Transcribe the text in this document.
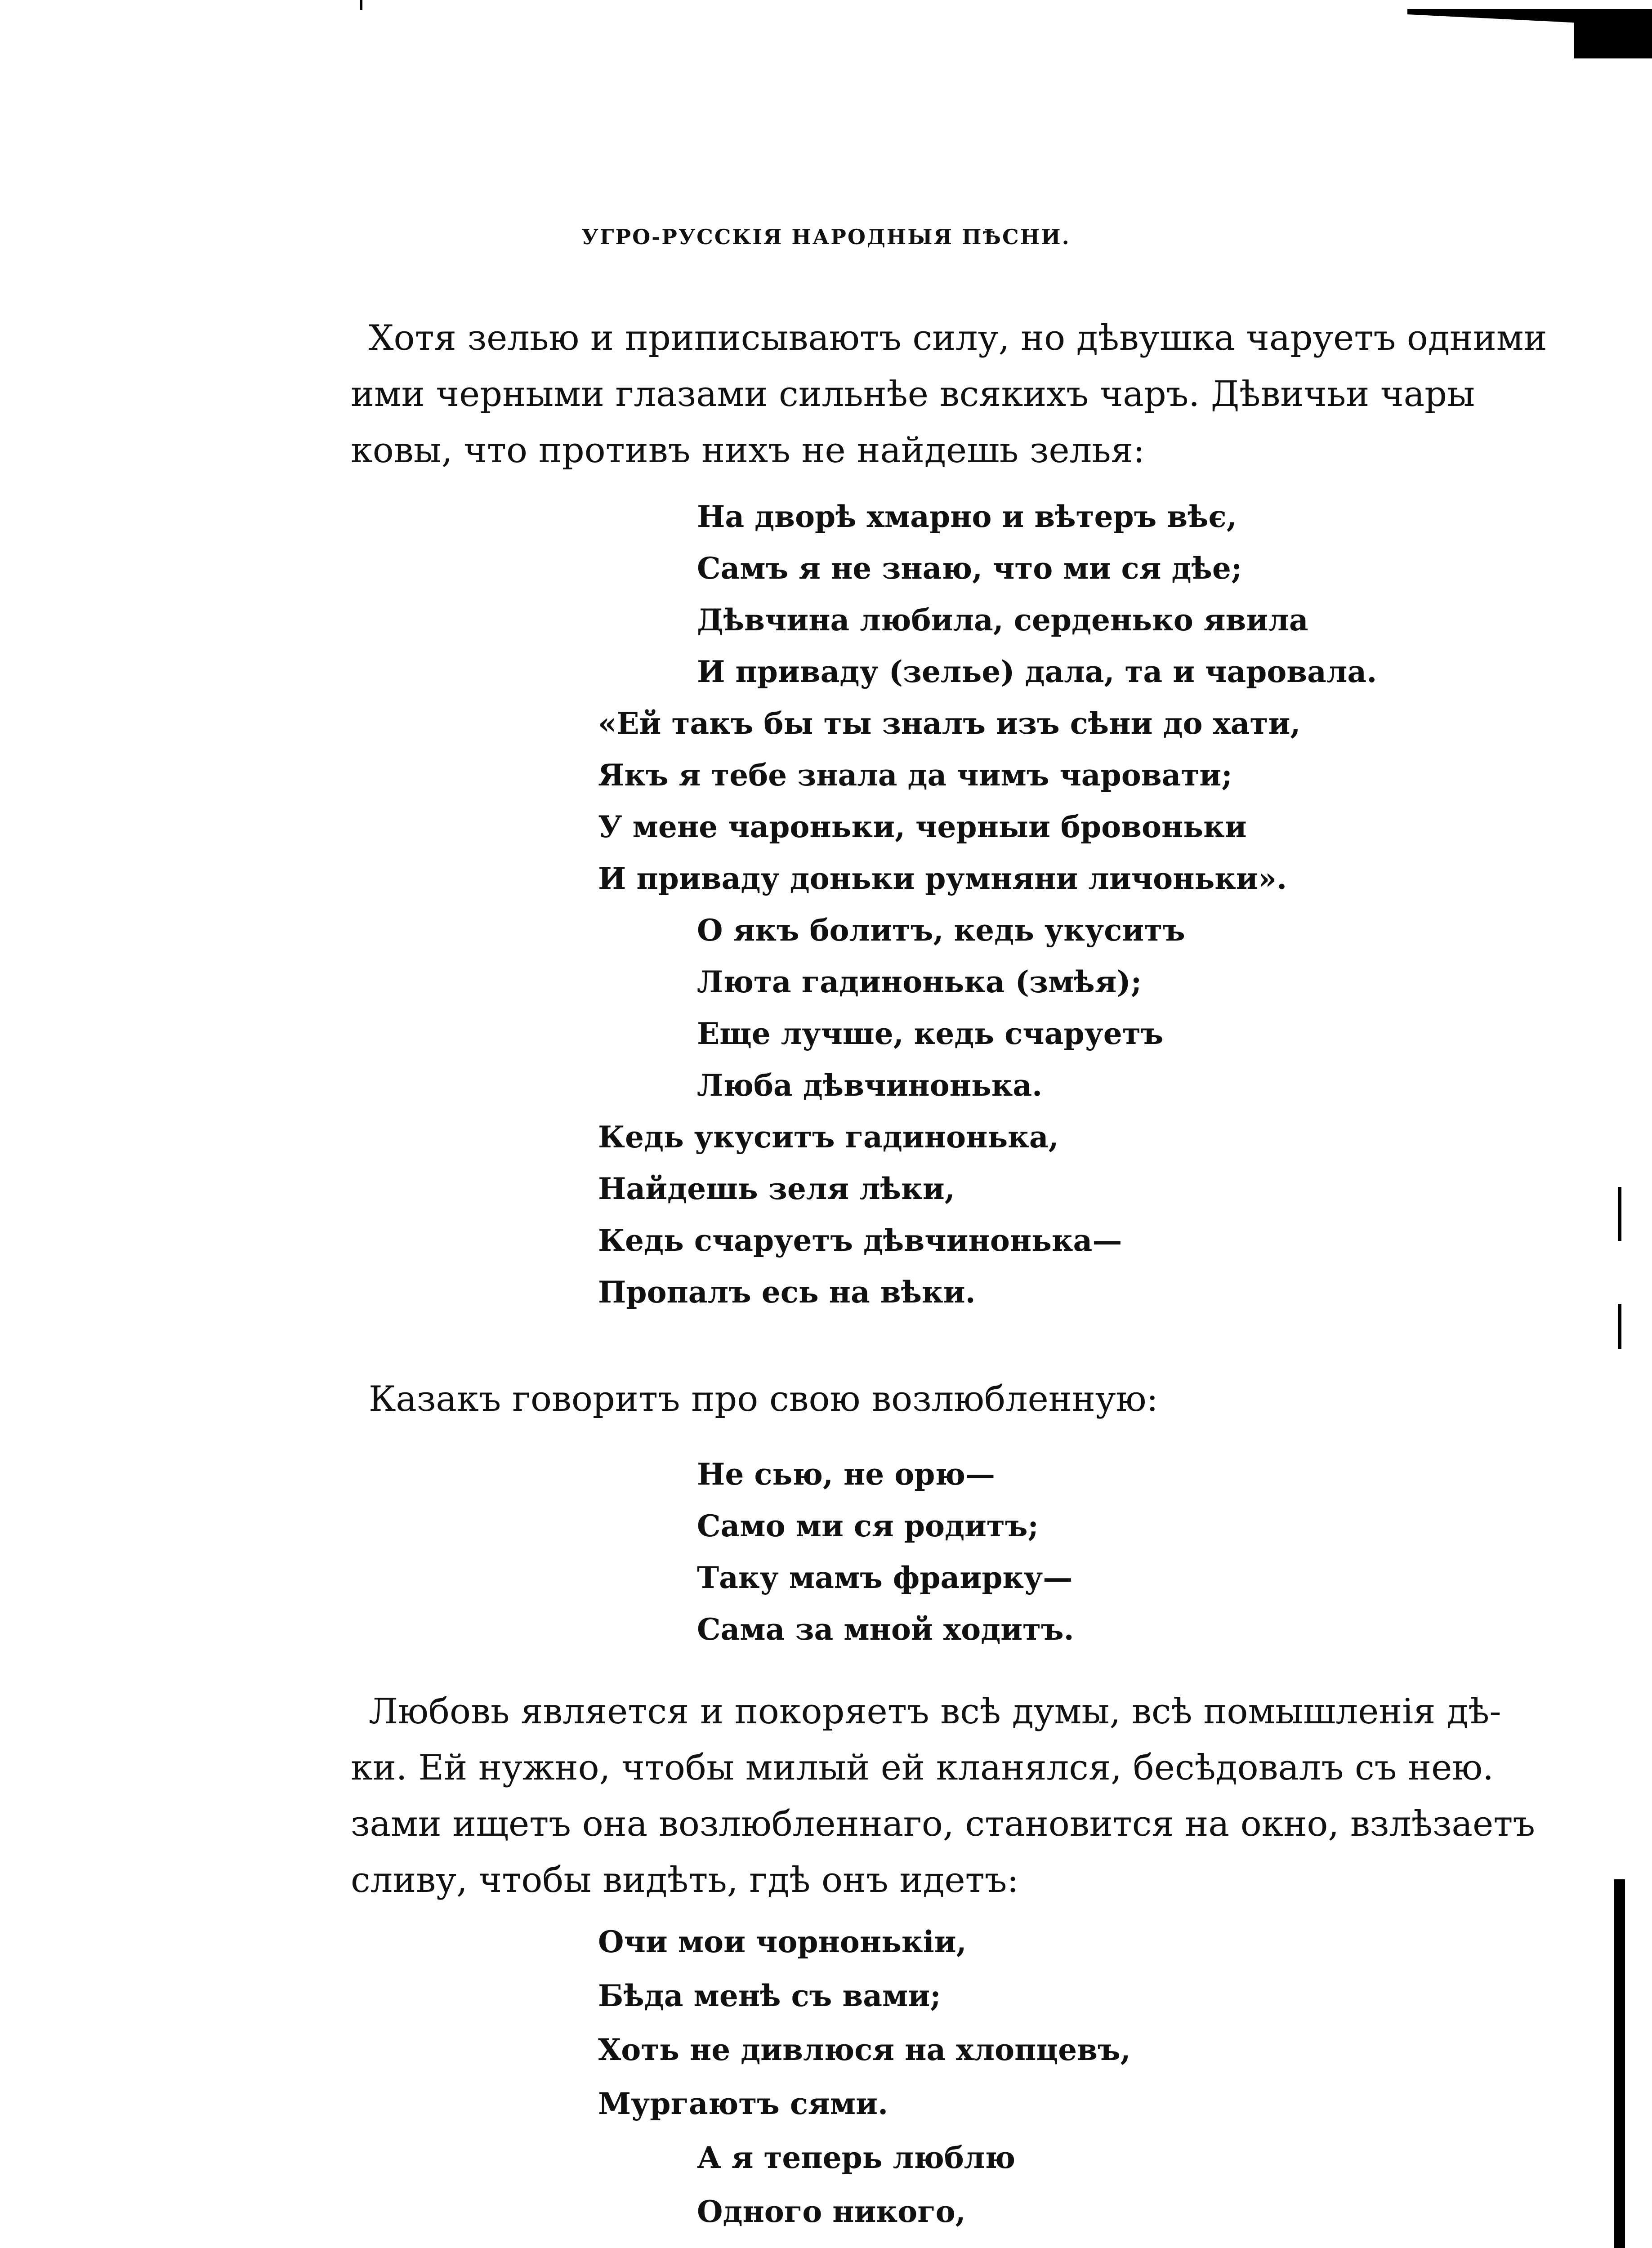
УГРО-РУССКІЯ НАРОДНЫЯ ПѢСНИ.

Хотя зелью и приписываютъ силу, но дѣвушка чаруетъ одними

ими черными глазами сильнѣе всякихъ чаръ. Дѣвичьи чары

ковы, что противъ нихъ не найдешь зелья:

На дворѣ хмарно и вѣтеръ вѣє,
Самъ я не знаю, что ми ся дѣе;
Дѣвчина любила, серденько явила
И приваду (зелье) дала, та и чаровала.
«Ей такъ бы ты зналъ изъ сѣни до хати,
Якъ я тебе знала да чимъ чаровати;
У мене чароньки, черныи бровоньки
И приваду доньки румняни личоньки».
О якъ болитъ, кедь укуситъ
Люта гадинонька (змѣя);
Еще лучше, кедь счаруетъ
Люба дѣвчинонька.
Кедь укуситъ гадинонька,
Найдешь зеля лѣки,
Кедь счаруетъ дѣвчинонька—
Пропалъ есь на вѣки.

Казакъ говоритъ про свою возлюбленную:

Не сью, не орю—
Само ми ся родитъ;
Таку мамъ фраирку—
Сама за мной ходитъ.

Любовь является и покоряетъ всѣ думы, всѣ помышленія дѣ-

ки. Ей нужно, чтобы милый ей кланялся, бесѣдовалъ съ нею.

зами ищетъ она возлюбленнаго, становится на окно, взлѣзаетъ

сливу, чтобы видѣть, гдѣ онъ идетъ:

Очи мои чорнонькіи,
Бѣда менѣ съ вами;
Хоть не дивлюся на хлопцевъ,
Мургаютъ сями.
А я теперь люблю
Одного никого,
